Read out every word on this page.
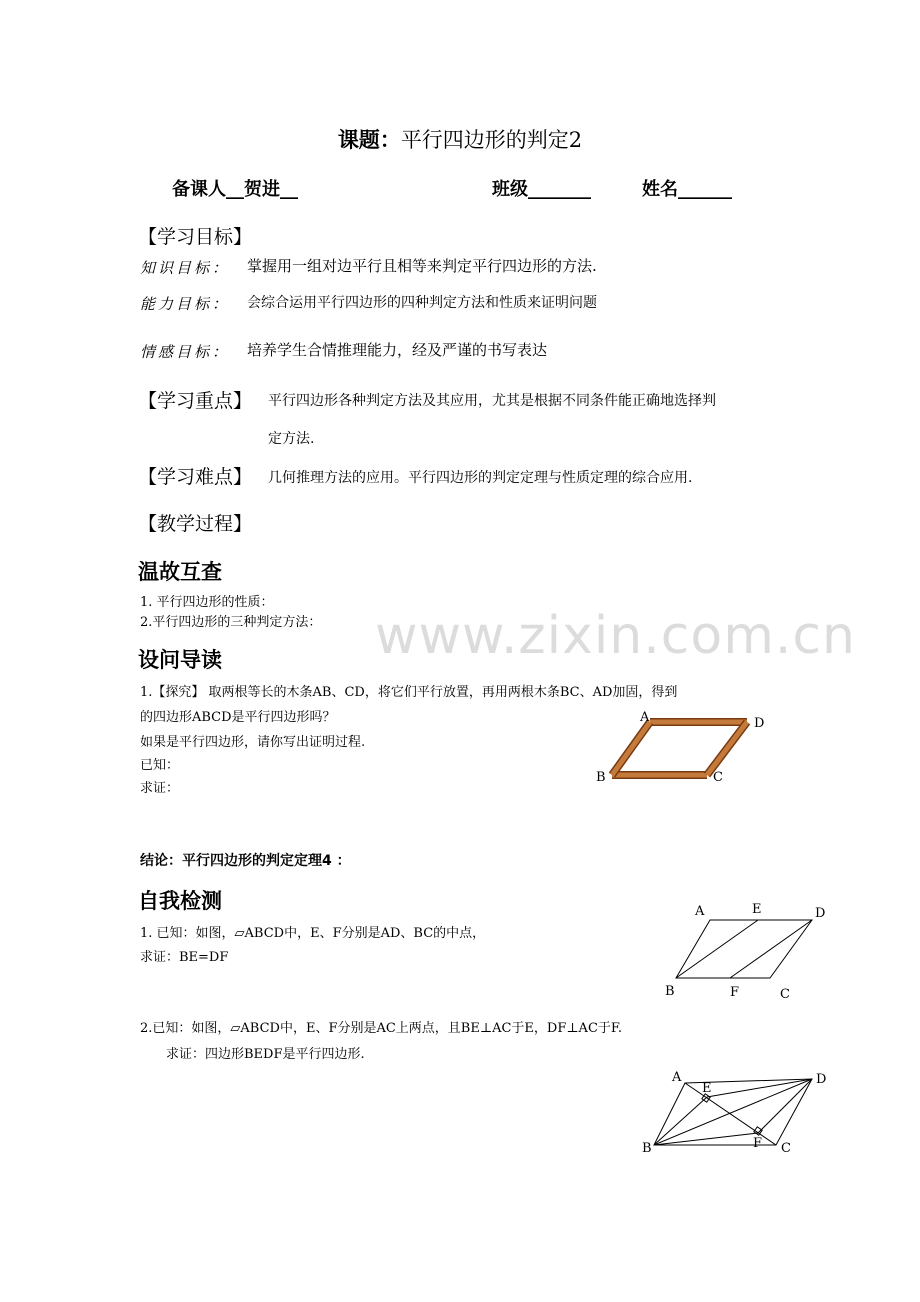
课题：平行四边形的判定2
备课人__贺进__	班级_______	姓名______
【学习目标】
知识目标： 掌握用一组对边平行且相等来判定平行四边形的方法.
能力目标： 会综合运用平行四边形的四种判定方法和性质来证明问题
情感目标： 培养学生合情推理能力，经及严谨的书写表达
【学习重点】 平行四边形各种判定方法及其应用，尤其是根据不同条件能正确地选择判
定方法.
【学习难点】 几何推理方法的应用。平行四边形的判定定理与性质定理的综合应用.
【教学过程】
温故互查
1. 平行四边形的性质：
2.平行四边形的三种判定方法： www.zixin.com.cn
设问导读
1.【探究】 取两根等长的木条AB、CD，将它们平行放置，再用两根木条BC、AD加固，得到
的四边形ABCD是平行四边形吗？
如果是平行四边形，请你写出证明过程.
已知：
求证：
A	D
B	C
结论：平行四边形的判定定理4 ：
自我检测
1. 已知：如图，▱ABCD中，E、F分别是AD、BC的中点，
求证：BE=DF
A	E	D
B	F	C
2.已知：如图，▱ABCD中，E、F分别是AC上两点，且BE⊥AC于E，DF⊥AC于F.
求证：四边形BEDF是平行四边形.
A
E
D
B	F C
